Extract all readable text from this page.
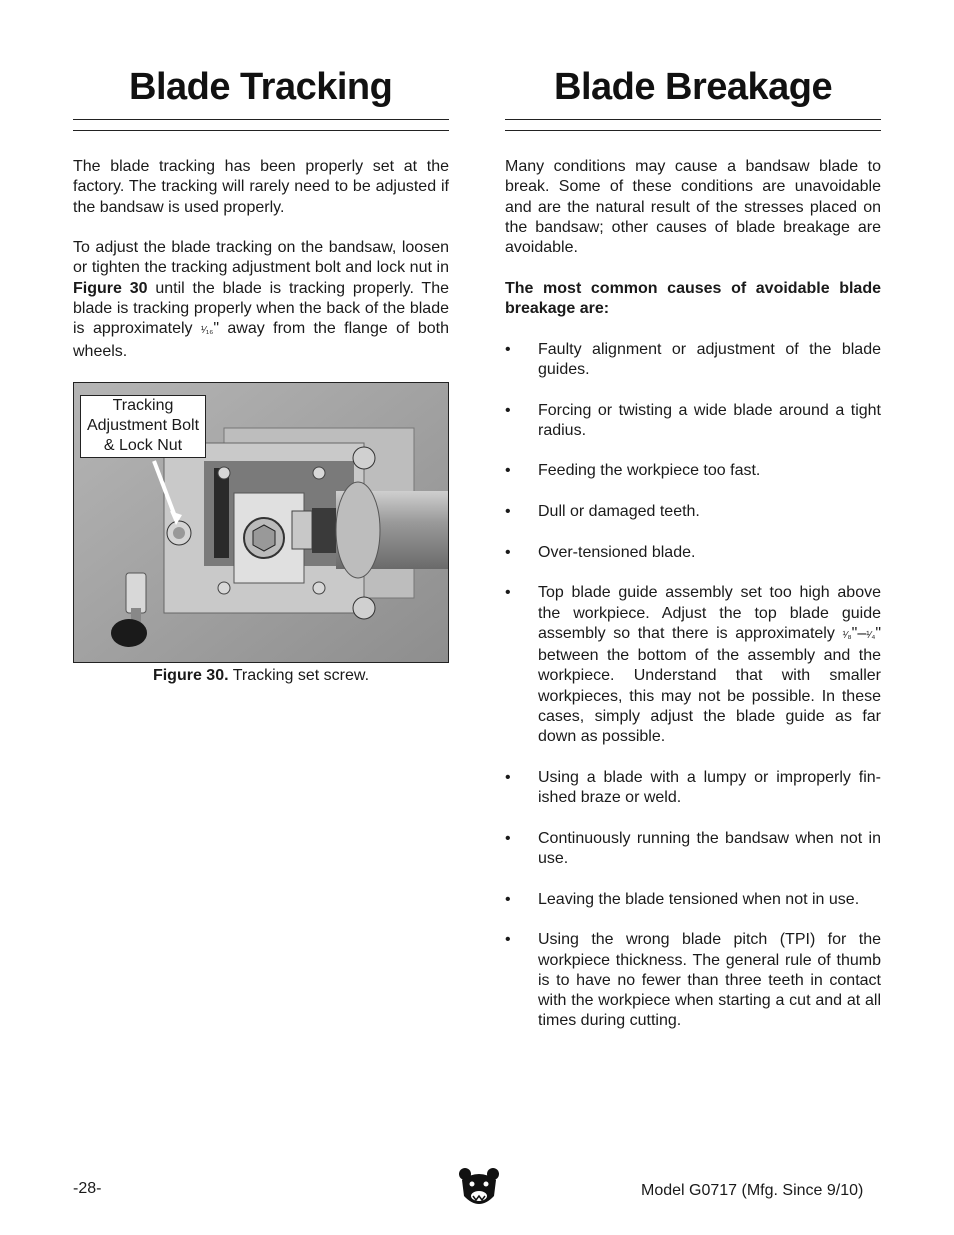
Blade Tracking

The blade tracking has been properly set at the factory. The tracking will rarely need to be adjusted if the bandsaw is used properly.

To adjust the blade tracking on the bandsaw, loosen or tighten the tracking adjustment bolt and lock nut in Figure 30 until the blade is tracking properly. The blade is tracking properly when the back of the blade is approximately ¹⁄₁₆" away from the flange of both wheels.

Tracking
Adjustment Bolt
& Lock Nut
Figure 30. Tracking set screw.
Blade Breakage

Many conditions may cause a bandsaw blade to break. Some of these conditions are unavoidable and are the natural result of the stresses placed on the bandsaw; other causes of blade breakage are avoidable.

The most common causes of avoidable blade breakage are:

• Faulty alignment or adjustment of the blade guides.
• Forcing or twisting a wide blade around a tight radius.
• Feeding the workpiece too fast.
• Dull or damaged teeth.
• Over-tensioned blade.
• Top blade guide assembly set too high above the workpiece. Adjust the top blade guide assembly so that there is approximately ¹⁄₈"–¹⁄₄" between the bottom of the assembly and the workpiece. Understand that with smaller workpieces, this may not be possible. In these cases, simply adjust the blade guide as far down as possible.
• Using a blade with a lumpy or improperly finished braze or weld.
• Continuously running the bandsaw when not in use.
• Leaving the blade tensioned when not in use.
• Using the wrong blade pitch (TPI) for the workpiece thickness. The general rule of thumb is to have no fewer than three teeth in contact with the workpiece when starting a cut and at all times during cutting.
-28-	Model G0717 (Mfg. Since 9/10)
